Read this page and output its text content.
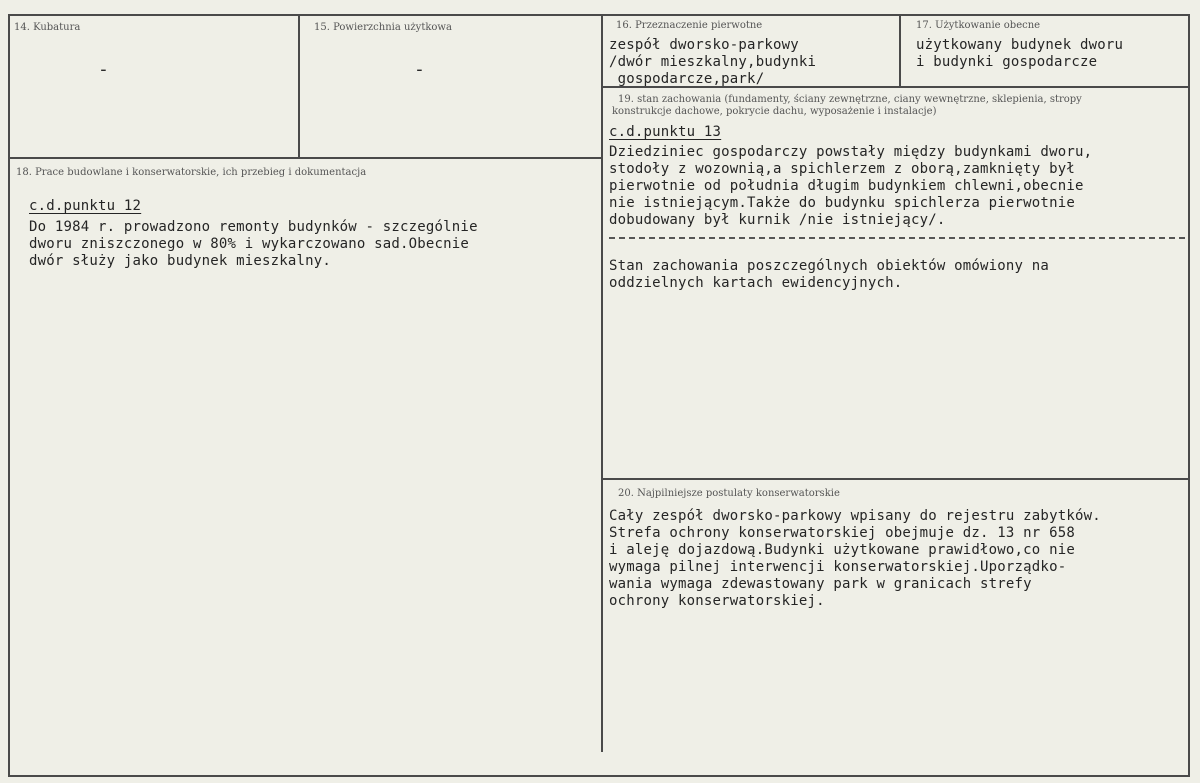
14. Kubatura
-
15. Powierzchnia użytkowa
-
16. Przeznaczenie pierwotne
zespół dworsko-parkowy
/dwór mieszkalny,budynki
gospodarcze,park/
17. Użytkowanie obecne
użytkowany budynek dworu
i budynki gospodarcze
18. Prace budowlane i konserwatorskie, ich przebieg i dokumentacja
c.d.punktu 12
Do 1984 r. prowadzono remonty budynków - szczególnie
dworu zniszczonego w 80% i wykarczowano sad.Obecnie
dwór służy jako budynek mieszkalny.
19. stan zachowania (fundamenty, ściany zewnętrzne, ciany wewnętrzne, sklepienia, stropy
konstrukcje dachowe, pokrycie dachu, wyposażenie i instalacje)
c.d.punktu 13
Dziedziniec gospodarczy powstały między budynkami dworu,
stodoły z wozownią,a spichlerzem z oborą,zamknięty był
pierwotnie od południa długim budynkiem chlewni,obecnie
nie istniejącym.Także do budynku spichlerza pierwotnie
dobudowany był kurnik /nie istniejący/.
Stan zachowania poszczególnych obiektów omówiony na
oddzielnych kartach ewidencyjnych.
20. Najpilniejsze postulaty konserwatorskie
Cały zespół dworsko-parkowy wpisany do rejestru zabytków.
Strefa ochrony konserwatorskiej obejmuje dz. 13 nr 658
i aleję dojazdową.Budynki użytkowane prawidłowo,co nie
wymaga pilnej interwencji konserwatorskiej.Uporządko-
wania wymaga zdewastowany park w granicach strefy
ochrony konserwatorskiej.
